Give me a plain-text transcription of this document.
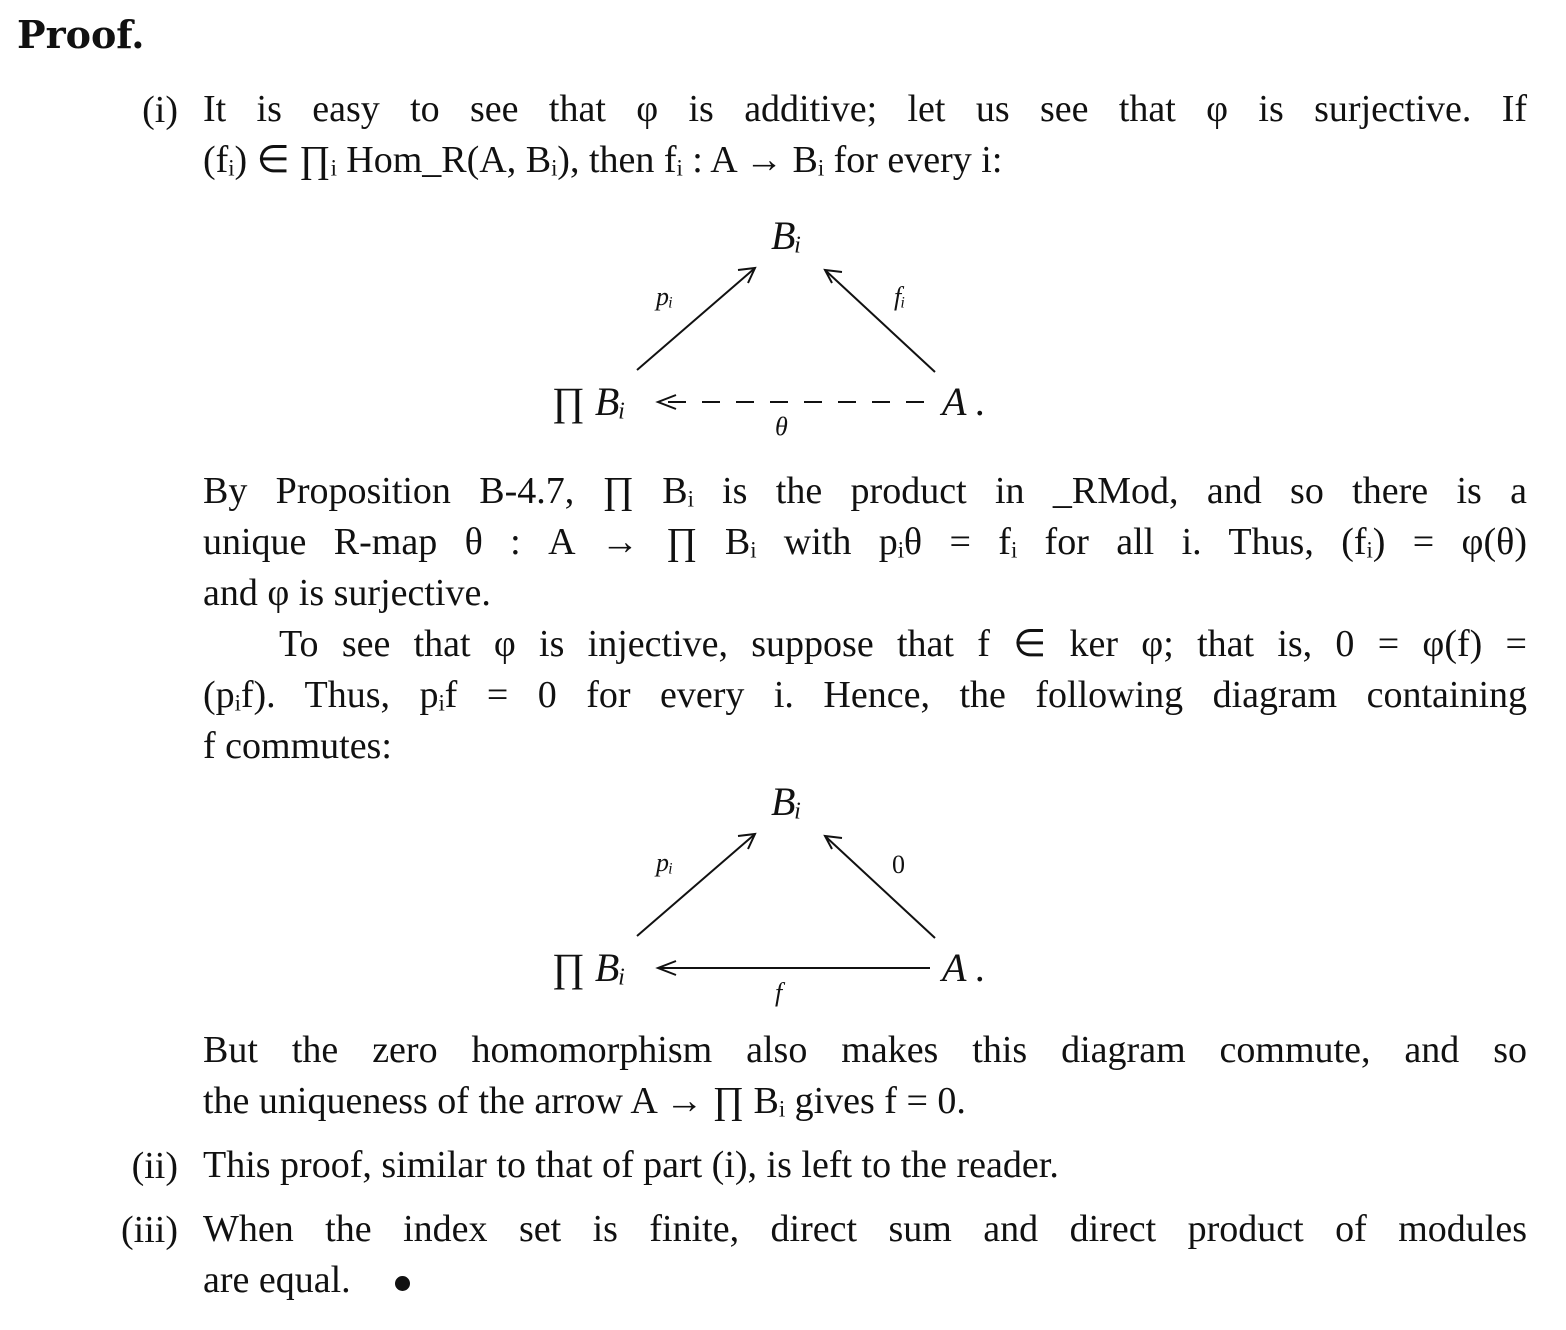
Proof.
(i) It is easy to see that φ is additive; let us see that φ is surjective. If
(fᵢ) ∈ ∏ᵢ Hom_R(A, Bᵢ), then fᵢ : A → Bᵢ for every i:
Bᵢ
∏ Bᵢ	A .
pᵢ	fᵢ
θ
By Proposition B-4.7, ∏ Bᵢ is the product in _RMod, and so there is a
unique R-map θ : A → ∏ Bᵢ with pᵢθ = fᵢ for all i. Thus, (fᵢ) = φ(θ)
and φ is surjective.
To see that φ is injective, suppose that f ∈ ker φ; that is, 0 = φ(f) =
(pᵢf). Thus, pᵢf = 0 for every i. Hence, the following diagram containing
f commutes:
Bᵢ
∏ Bᵢ	A .
pᵢ	0
f
But the zero homomorphism also makes this diagram commute, and so
the uniqueness of the arrow A → ∏ Bᵢ gives f = 0.
(ii) This proof, similar to that of part (i), is left to the reader.
(iii) When the index set is finite, direct sum and direct product of modules
are equal.
